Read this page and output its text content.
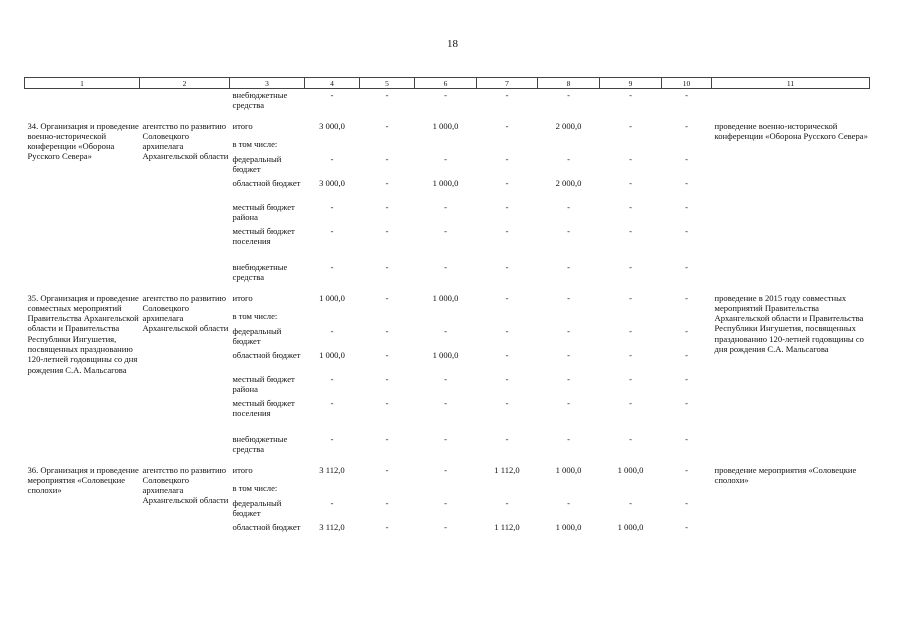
18
1	2	3	4	5	6	7	8	9	10	11
		внебюджетные средства	-	-	-	-	-	-	-	

34. Организация и проведение военно-исторической конференции «Оборона Русского Севера»	агентство по развитию Соловецкого архипелага Архангельской области	итого	3 000,0	-	1 000,0	-	2 000,0	-	-	проведение военно-исторической конференции «Оборона Русского Севера»
		в том числе:								
		федеральный бюджет	-	-	-	-	-	-	-	
		областной бюджет	3 000,0	-	1 000,0	-	2 000,0	-	-	
		местный бюджет района	-	-	-	-	-	-	-	
		местный бюджет поселения	-	-	-	-	-	-	-	
		внебюджетные средства	-	-	-	-	-	-	-	

35. Организация и проведение совместных мероприятий Правительства Архангельской области и Правительства Республики Ингушетия, посвященных празднованию 120-летней годовщины со дня рождения С.А. Мальсагова	агентство по развитию Соловецкого архипелага Архангельской области	итого	1 000,0	-	1 000,0	-	-	-	-	проведение в 2015 году совместных мероприятий Правительства Архангельской области и Правительства Республики Ингушетия, посвященных празднованию 120-летней годовщины со дня рождения С.А. Мальсагова
		в том числе:								
		федеральный бюджет	-	-	-	-	-	-	-	
		областной бюджет	1 000,0	-	1 000,0	-	-	-	-	
		местный бюджет района	-	-	-	-	-	-	-	
		местный бюджет поселения	-	-	-	-	-	-	-	
		внебюджетные средства	-	-	-	-	-	-	-	

36. Организация и проведение мероприятия «Соловецкие сполохи»	агентство по развитию Соловецкого архипелага Архангельской области	итого	3 112,0	-	-	1 112,0	1 000,0	1 000,0	-	проведение мероприятия «Соловецкие сполохи»
		в том числе:								
		федеральный бюджет	-	-	-	-	-	-	-	
		областной бюджет	3 112,0	-	-	1 112,0	1 000,0	1 000,0	-	
